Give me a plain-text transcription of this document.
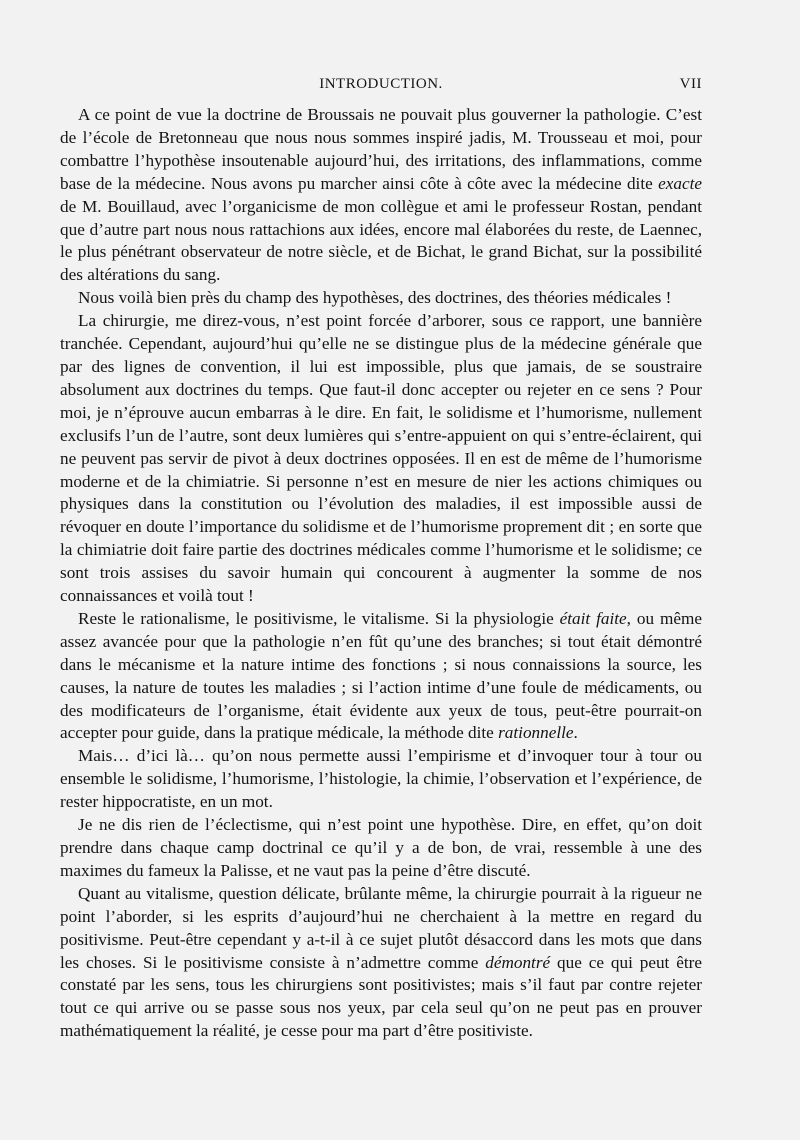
INTRODUCTION.	VII

A ce point de vue la doctrine de Broussais ne pouvait plus gouverner la pathologie. C’est de l’école de Bretonneau que nous nous sommes inspiré jadis, M. Trousseau et moi, pour combattre l’hypothèse insoutenable aujourd’hui, des irritations, des inflammations, comme base de la médecine. Nous avons pu marcher ainsi côte à côte avec la médecine dite exacte de M. Bouillaud, avec l’organicisme de mon collègue et ami le professeur Rostan, pendant que d’autre part nous nous rattachions aux idées, encore mal élaborées du reste, de Laennec, le plus pénétrant observateur de notre siècle, et de Bichat, le grand Bichat, sur la possibilité des altérations du sang.

Nous voilà bien près du champ des hypothèses, des doctrines, des théories médicales !

La chirurgie, me direz-vous, n’est point forcée d’arborer, sous ce rapport, une bannière tranchée. Cependant, aujourd’hui qu’elle ne se distingue plus de la médecine générale que par des lignes de convention, il lui est impossible, plus que jamais, de se soustraire absolument aux doctrines du temps. Que faut-il donc accepter ou rejeter en ce sens ? Pour moi, je n’éprouve aucun embarras à le dire. En fait, le solidisme et l’humorisme, nullement exclusifs l’un de l’autre, sont deux lumières qui s’entre-appuient on qui s’entre-éclairent, qui ne peuvent pas servir de pivot à deux doctrines opposées. Il en est de même de l’humorisme moderne et de la chimiatrie. Si personne n’est en mesure de nier les actions chimiques ou physiques dans la constitution ou l’évolution des maladies, il est impossible aussi de révoquer en doute l’importance du solidisme et de l’humorisme proprement dit ; en sorte que la chimiatrie doit faire partie des doctrines médicales comme l’humorisme et le solidisme; ce sont trois assises du savoir humain qui concourent à augmenter la somme de nos connaissances et voilà tout !

Reste le rationalisme, le positivisme, le vitalisme. Si la physiologie était faite, ou même assez avancée pour que la pathologie n’en fût qu’une des branches; si tout était démontré dans le mécanisme et la nature intime des fonctions ; si nous connaissions la source, les causes, la nature de toutes les maladies ; si l’action intime d’une foule de médicaments, ou des modificateurs de l’organisme, était évidente aux yeux de tous, peut-être pourrait-on accepter pour guide, dans la pratique médicale, la méthode dite rationnelle.

Mais… d’ici là… qu’on nous permette aussi l’empirisme et d’invoquer tour à tour ou ensemble le solidisme, l’humorisme, l’histologie, la chimie, l’observation et l’expérience, de rester hippocratiste, en un mot.

Je ne dis rien de l’éclectisme, qui n’est point une hypothèse. Dire, en effet, qu’on doit prendre dans chaque camp doctrinal ce qu’il y a de bon, de vrai, ressemble à une des maximes du fameux la Palisse, et ne vaut pas la peine d’être discuté.

Quant au vitalisme, question délicate, brûlante même, la chirurgie pourrait à la rigueur ne point l’aborder, si les esprits d’aujourd’hui ne cherchaient à la mettre en regard du positivisme. Peut-être cependant y a-t-il à ce sujet plutôt désaccord dans les mots que dans les choses. Si le positivisme consiste à n’admettre comme démontré que ce qui peut être constaté par les sens, tous les chirurgiens sont positivistes; mais s’il faut par contre rejeter tout ce qui arrive ou se passe sous nos yeux, par cela seul qu’on ne peut pas en prouver mathématiquement la réalité, je cesse pour ma part d’être positiviste.
